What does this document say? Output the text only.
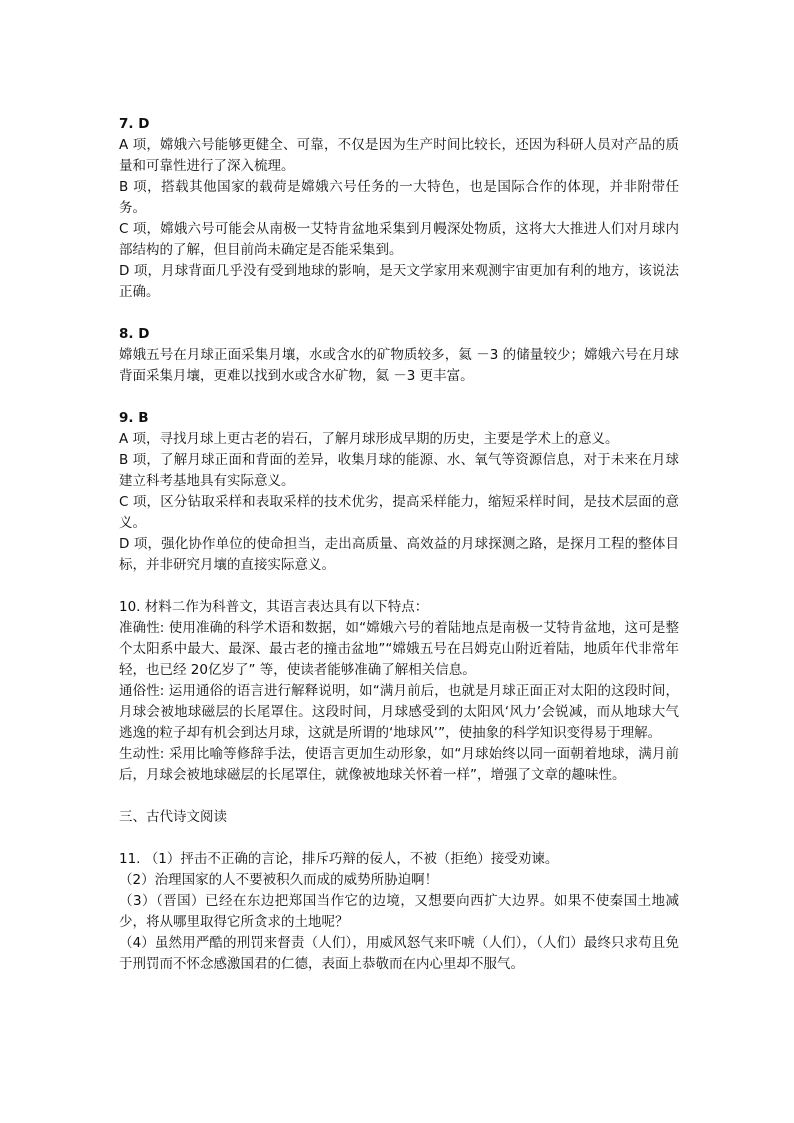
7. D

A 项，嫦娥六号能够更健全、可靠，不仅是因为生产时间比较长，还因为科研人员对产品的质量和可靠性进行了深入梳理。

B 项，搭载其他国家的载荷是嫦娥六号任务的一大特色，也是国际合作的体现，并非附带任务。

C 项，嫦娥六号可能会从南极一艾特肯盆地采集到月幔深处物质，这将大大推进人们对月球内部结构的了解，但目前尚未确定是否能采集到。

D 项，月球背面几乎没有受到地球的影响，是天文学家用来观测宇宙更加有利的地方，该说法正确。

8. D

嫦娥五号在月球正面采集月壤，水或含水的矿物质较多，氦 －3 的储量较少；嫦娥六号在月球背面采集月壤，更难以找到水或含水矿物，氦 －3 更丰富。

9. B

A 项，寻找月球上更古老的岩石，了解月球形成早期的历史，主要是学术上的意义。

B 项，了解月球正面和背面的差异，收集月球的能源、水、氧气等资源信息，对于未来在月球建立科考基地具有实际意义。

C 项，区分钻取采样和表取采样的技术优劣，提高采样能力，缩短采样时间，是技术层面的意义。

D 项，强化协作单位的使命担当，走出高质量、高效益的月球探测之路，是探月工程的整体目标，并非研究月壤的直接实际意义。

10. 材料二作为科普文，其语言表达具有以下特点：

准确性: 使用准确的科学术语和数据，如“嫦娥六号的着陆地点是南极一艾特肯盆地，这可是整个太阳系中最大、最深、最古老的撞击盆地”“嫦娥五号在吕姆克山附近着陆，地质年代非常年轻，也已经 20亿岁了” 等，使读者能够准确了解相关信息。

通俗性: 运用通俗的语言进行解释说明，如“满月前后，也就是月球正面正对太阳的这段时间，月球会被地球磁层的长尾罩住。这段时间，月球感受到的太阳风‘风力’会锐减，而从地球大气逃逸的粒子却有机会到达月球，这就是所谓的‘地球风’”，使抽象的科学知识变得易于理解。

生动性: 采用比喻等修辞手法，使语言更加生动形象，如“月球始终以同一面朝着地球，满月前后，月球会被地球磁层的长尾罩住，就像被地球关怀着一样”，增强了文章的趣味性。

三、古代诗文阅读

11. （1）抨击不正确的言论，排斥巧辩的佞人，不被（拒绝）接受劝谏。

（2）治理国家的人不要被积久而成的威势所胁迫啊！

（3）（晋国）已经在东边把郑国当作它的边境，又想要向西扩大边界。如果不使秦国土地减少，将从哪里取得它所贪求的土地呢？

（4）虽然用严酷的刑罚来督责（人们），用威风怒气来吓唬（人们），（人们）最终只求苟且免于刑罚而不怀念感激国君的仁德，表面上恭敬而在内心里却不服气。
